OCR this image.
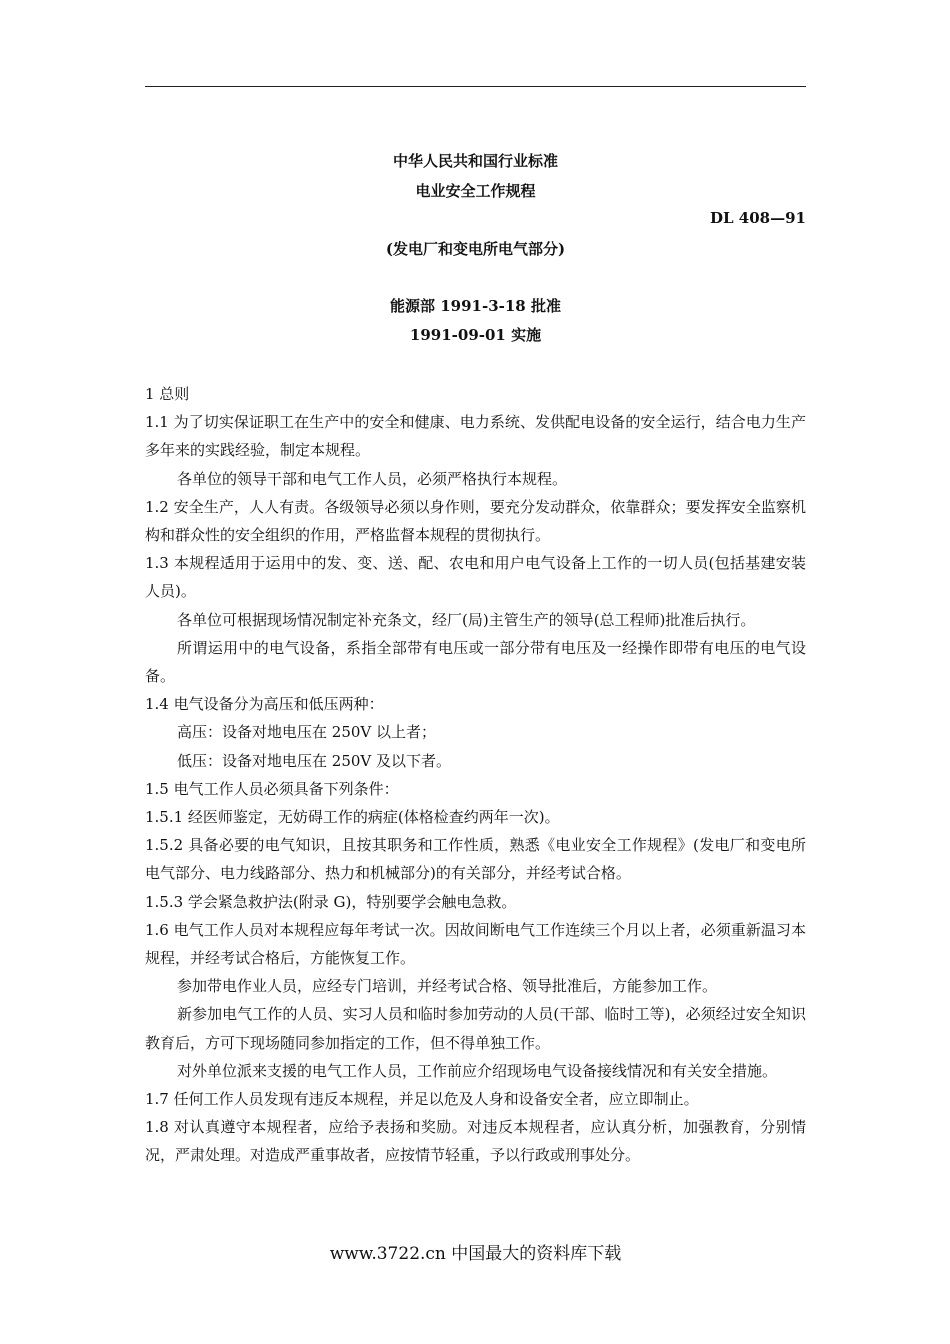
中华人民共和国行业标准
电业安全工作规程
DL 408—91
(发电厂和变电所电气部分)
能源部 1991-3-18 批准
1991-09-01 实施

1 总则

1.1 为了切实保证职工在生产中的安全和健康、电力系统、发供配电设备的安全运行，结合电力生产多年来的实践经验，制定本规程。

各单位的领导干部和电气工作人员，必须严格执行本规程。

1.2 安全生产，人人有责。各级领导必须以身作则，要充分发动群众，依靠群众；要发挥安全监察机构和群众性的安全组织的作用，严格监督本规程的贯彻执行。

1.3 本规程适用于运用中的发、变、送、配、农电和用户电气设备上工作的一切人员(包括基建安装人员)。

各单位可根据现场情况制定补充条文，经厂(局)主管生产的领导(总工程师)批准后执行。

所谓运用中的电气设备，系指全部带有电压或一部分带有电压及一经操作即带有电压的电气设备。

1.4 电气设备分为高压和低压两种：

高压：设备对地电压在 250V 以上者；

低压：设备对地电压在 250V 及以下者。

1.5 电气工作人员必须具备下列条件：

1.5.1 经医师鉴定，无妨碍工作的病症(体格检查约两年一次)。

1.5.2 具备必要的电气知识，且按其职务和工作性质，熟悉《电业安全工作规程》(发电厂和变电所电气部分、电力线路部分、热力和机械部分)的有关部分，并经考试合格。

1.5.3 学会紧急救护法(附录 G)，特别要学会触电急救。

1.6 电气工作人员对本规程应每年考试一次。因故间断电气工作连续三个月以上者，必须重新温习本规程，并经考试合格后，方能恢复工作。

参加带电作业人员，应经专门培训，并经考试合格、领导批准后，方能参加工作。

新参加电气工作的人员、实习人员和临时参加劳动的人员(干部、临时工等)，必须经过安全知识教育后，方可下现场随同参加指定的工作，但不得单独工作。

对外单位派来支援的电气工作人员，工作前应介绍现场电气设备接线情况和有关安全措施。

1.7 任何工作人员发现有违反本规程，并足以危及人身和设备安全者，应立即制止。

1.8 对认真遵守本规程者，应给予表扬和奖励。对违反本规程者，应认真分析，加强教育，分别情况，严肃处理。对造成严重事故者，应按情节轻重，予以行政或刑事处分。

www.3722.cn 中国最大的资料库下载
